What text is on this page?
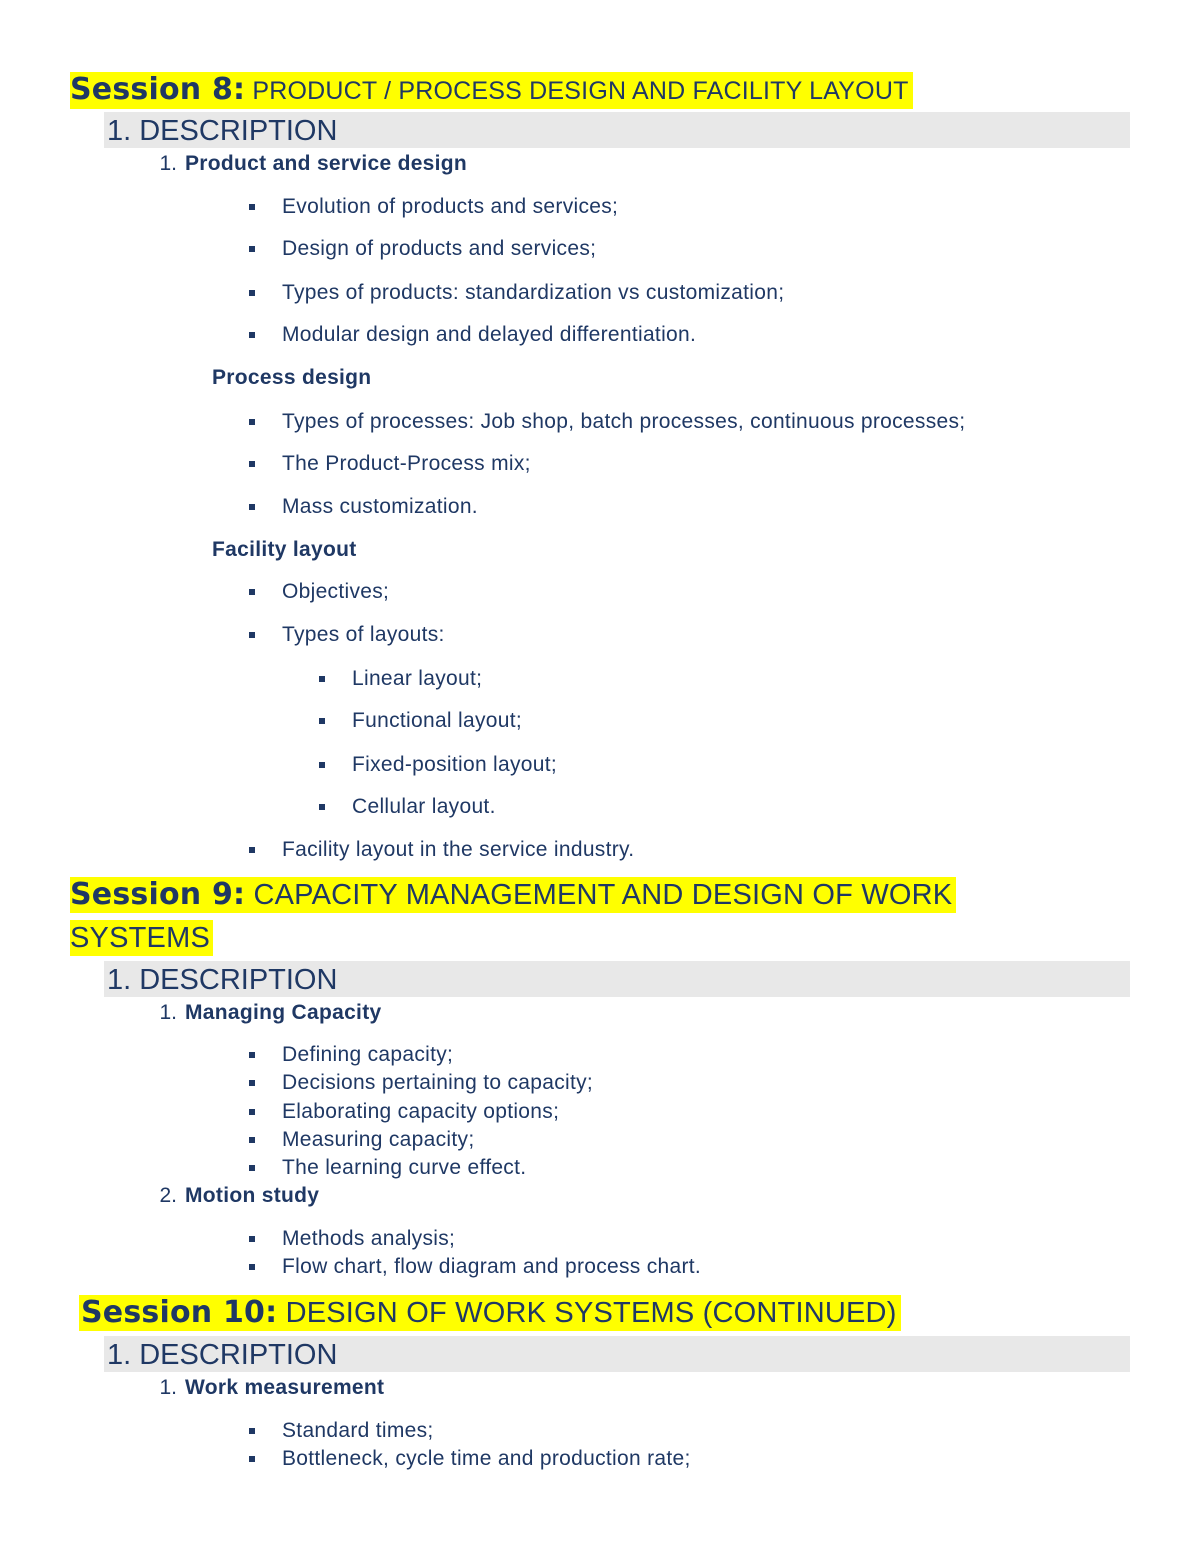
Session 8: PRODUCT / PROCESS DESIGN AND FACILITY LAYOUT
1. DESCRIPTION
1. Product and service design
Evolution of products and services;
Design of products and services;
Types of products: standardization vs customization;
Modular design and delayed differentiation.
Process design
Types of processes: Job shop, batch processes, continuous processes;
The Product-Process mix;
Mass customization.
Facility layout
Objectives;
Types of layouts:
Linear layout;
Functional layout;
Fixed-position layout;
Cellular layout.
Facility layout in the service industry.
Session 9: CAPACITY MANAGEMENT AND DESIGN OF WORK
SYSTEMS
1. DESCRIPTION
1. Managing Capacity
Defining capacity;
Decisions pertaining to capacity;
Elaborating capacity options;
Measuring capacity;
The learning curve effect.
2. Motion study
Methods analysis;
Flow chart, flow diagram and process chart.
Session 10: DESIGN OF WORK SYSTEMS (CONTINUED)
1. DESCRIPTION
1. Work measurement
Standard times;
Bottleneck, cycle time and production rate;
